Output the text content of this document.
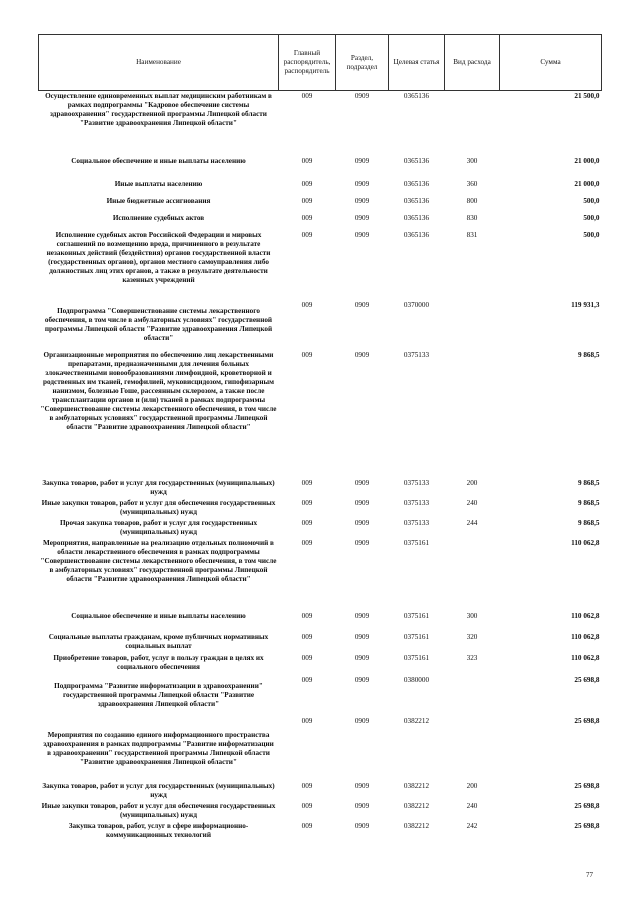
Наименование	Главный распорядитель, распорядитель	Раздел, подраздел	Целевая статья	Вид расхода	Сумма
Осуществление единовременных выплат медицинским работникам в рамках подпрограммы "Кадровое обеспечение системы здравоохранения" государственной программы Липецкой области "Развитие здравоохранения Липецкой области"	009	0909	0365136		21 500,0
Социальное обеспечение и иные выплаты населению	009	0909	0365136	300	21 000,0
Иные выплаты населению	009	0909	0365136	360	21 000,0
Иные бюджетные ассигнования	009	0909	0365136	800	500,0
Исполнение судебных актов	009	0909	0365136	830	500,0
Исполнение судебных актов Российской Федерации и мировых соглашений по возмещению вреда, причиненного в результате незаконных действий (бездействия) органов государственной власти (государственных органов), органов местного самоуправления либо должностных лиц этих органов, а также в результате деятельности казенных учреждений	009	0909	0365136	831	500,0
Подпрограмма "Совершенствование системы лекарственного обеспечения, в том числе в амбулаторных условиях" государственной программы Липецкой области "Развитие здравоохранения Липецкой области"	009	0909	0370000		119 931,3
Организационные мероприятия по обеспечению лиц лекарственными препаратами, предназначенными для лечения больных злокачественными новообразованиями лимфоидной, кроветворной и родственных им тканей, гемофилией, муковисцидозом, гипофизарным нанизмом, болезнью Гоше, рассеянным склерозом, а также после трансплантации органов и (или) тканей в рамках подпрограммы "Совершенствование системы лекарственного обеспечения, в том числе в амбулаторных условиях" государственной программы Липецкой области "Развитие здравоохранения Липецкой области"	009	0909	0375133		9 868,5
Закупка товаров, работ и услуг для государственных (муниципальных) нужд	009	0909	0375133	200	9 868,5
Иные закупки товаров, работ и услуг для обеспечения государственных (муниципальных) нужд	009	0909	0375133	240	9 868,5
Прочая закупка товаров, работ и услуг для государственных (муниципальных) нужд	009	0909	0375133	244	9 868,5
Мероприятия, направленные на реализацию отдельных полномочий в области лекарственного обеспечения в рамках подпрограммы "Совершенствование системы лекарственного обеспечения, в том числе в амбулаторных условиях" государственной программы Липецкой области "Развитие здравоохранения Липецкой области"	009	0909	0375161		110 062,8
Социальное обеспечение и иные выплаты населению	009	0909	0375161	300	110 062,8
Социальные выплаты гражданам, кроме публичных нормативных социальных выплат	009	0909	0375161	320	110 062,8
Приобретение товаров, работ, услуг в пользу граждан в целях их социального обеспечения	009	0909	0375161	323	110 062,8
Подпрограмма "Развитие информатизации в здравоохранении" государственной программы Липецкой области "Развитие здравоохранения Липецкой области"	009	0909	0380000		25 698,8
Мероприятия по созданию единого информационного пространства здравоохранения в рамках подпрограммы "Развитие информатизации в здравоохранении" государственной программы Липецкой области "Развитие здравоохранения Липецкой области"	009	0909	0382212		25 698,8
Закупка товаров, работ и услуг для государственных (муниципальных) нужд	009	0909	0382212	200	25 698,8
Иные закупки товаров, работ и услуг для обеспечения государственных (муниципальных) нужд	009	0909	0382212	240	25 698,8
Закупка товаров, работ, услуг в сфере информационно-коммуникационных технологий	009	0909	0382212	242	25 698,8
77
